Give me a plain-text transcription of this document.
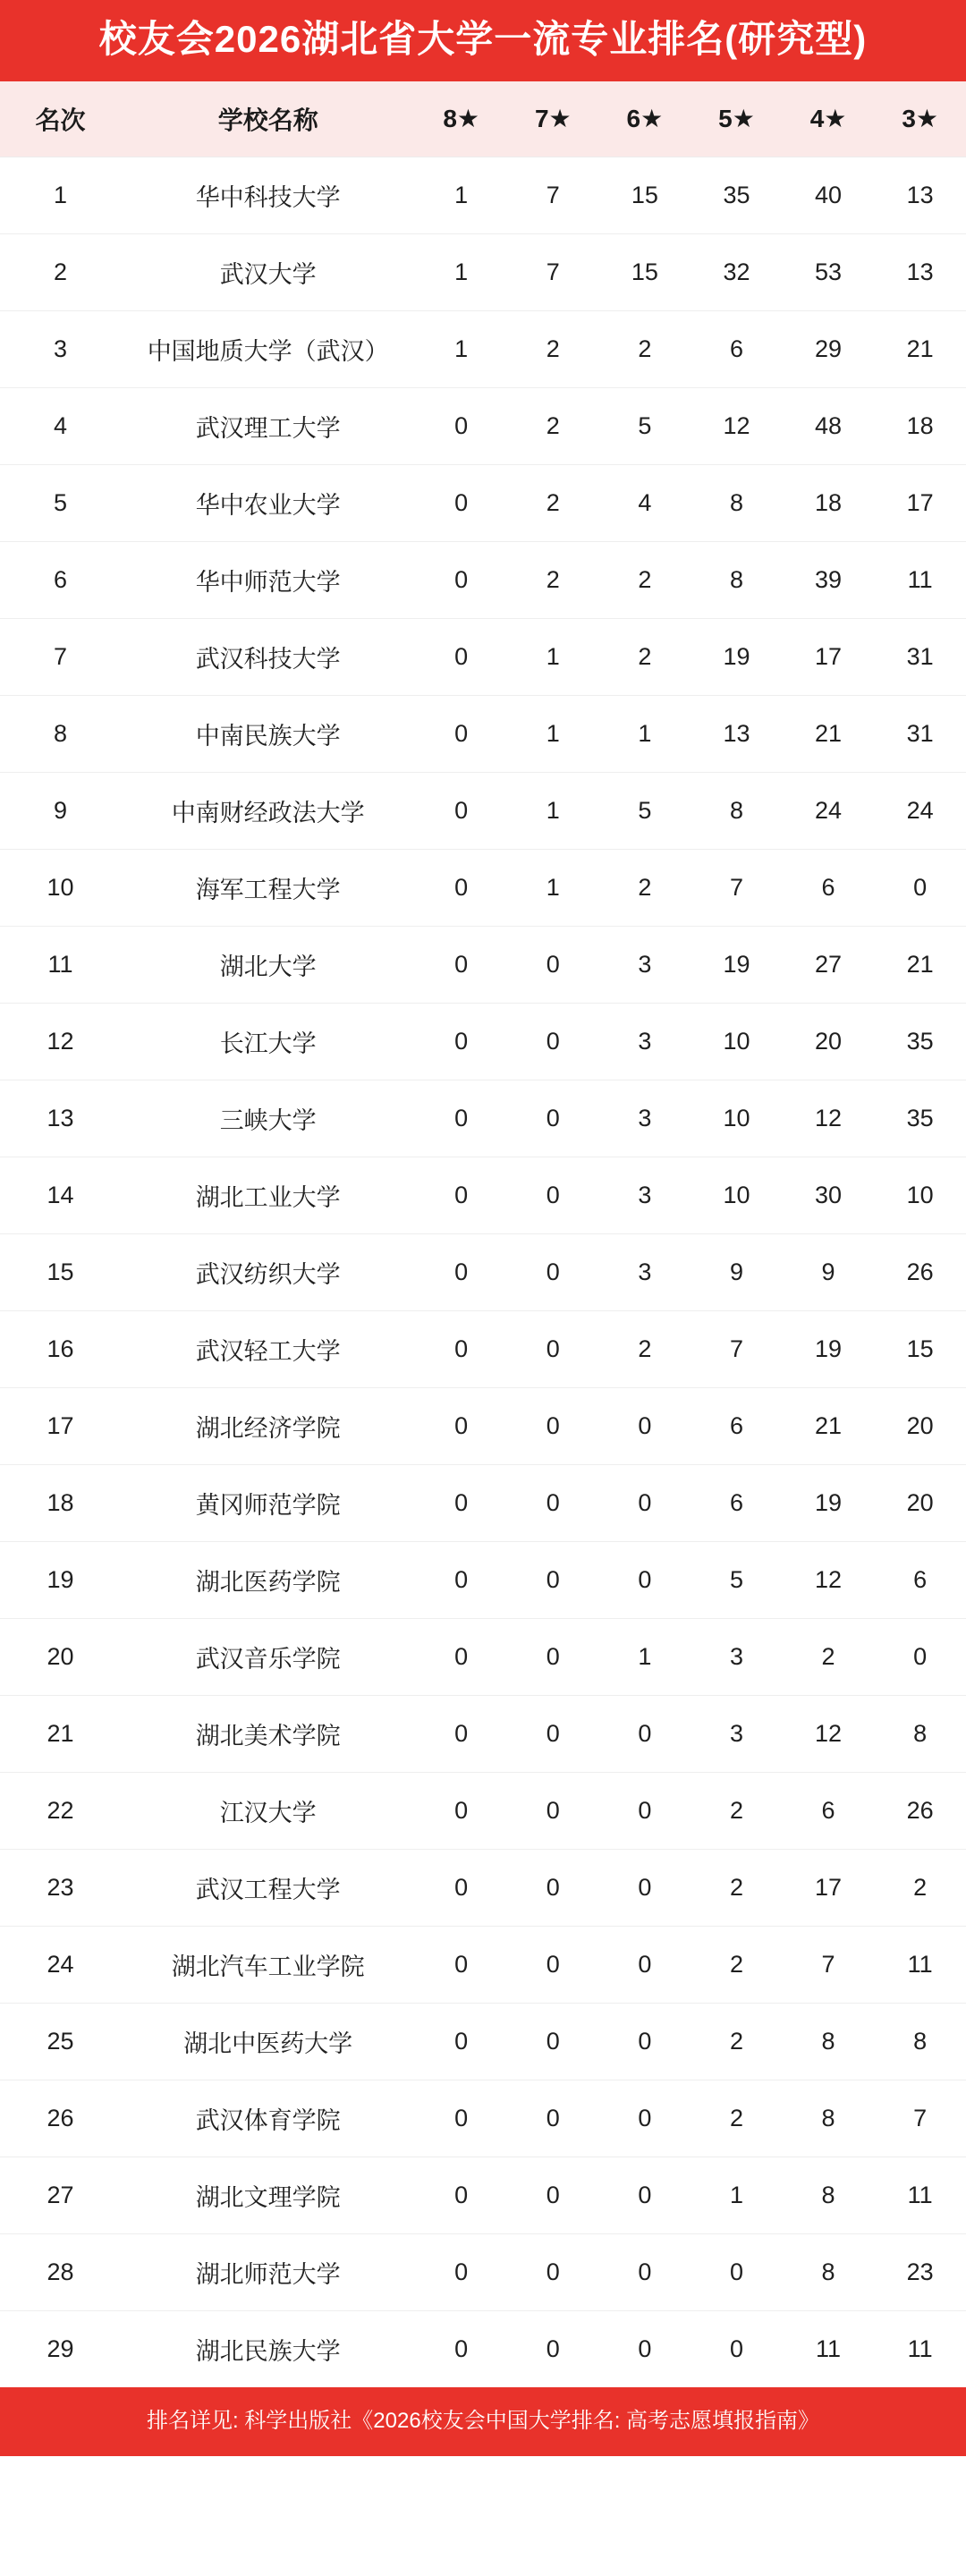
校友会2026湖北省大学一流专业排名(研究型)
名次	学校名称	8★	7★	6★	5★	4★	3★
1	华中科技大学	1	7	15	35	40	13
2	武汉大学	1	7	15	32	53	13
3	中国地质大学（武汉）	1	2	2	6	29	21
4	武汉理工大学	0	2	5	12	48	18
5	华中农业大学	0	2	4	8	18	17
6	华中师范大学	0	2	2	8	39	11
7	武汉科技大学	0	1	2	19	17	31
8	中南民族大学	0	1	1	13	21	31
9	中南财经政法大学	0	1	5	8	24	24
10	海军工程大学	0	1	2	7	6	0
11	湖北大学	0	0	3	19	27	21
12	长江大学	0	0	3	10	20	35
13	三峡大学	0	0	3	10	12	35
14	湖北工业大学	0	0	3	10	30	10
15	武汉纺织大学	0	0	3	9	9	26
16	武汉轻工大学	0	0	2	7	19	15
17	湖北经济学院	0	0	0	6	21	20
18	黄冈师范学院	0	0	0	6	19	20
19	湖北医药学院	0	0	0	5	12	6
20	武汉音乐学院	0	0	1	3	2	0
21	湖北美术学院	0	0	0	3	12	8
22	江汉大学	0	0	0	2	6	26
23	武汉工程大学	0	0	0	2	17	2
24	湖北汽车工业学院	0	0	0	2	7	11
25	湖北中医药大学	0	0	0	2	8	8
26	武汉体育学院	0	0	0	2	8	7
27	湖北文理学院	0	0	0	1	8	11
28	湖北师范大学	0	0	0	0	8	23
29	湖北民族大学	0	0	0	0	11	11
排名详见: 科学出版社《2026校友会中国大学排名: 高考志愿填报指南》
